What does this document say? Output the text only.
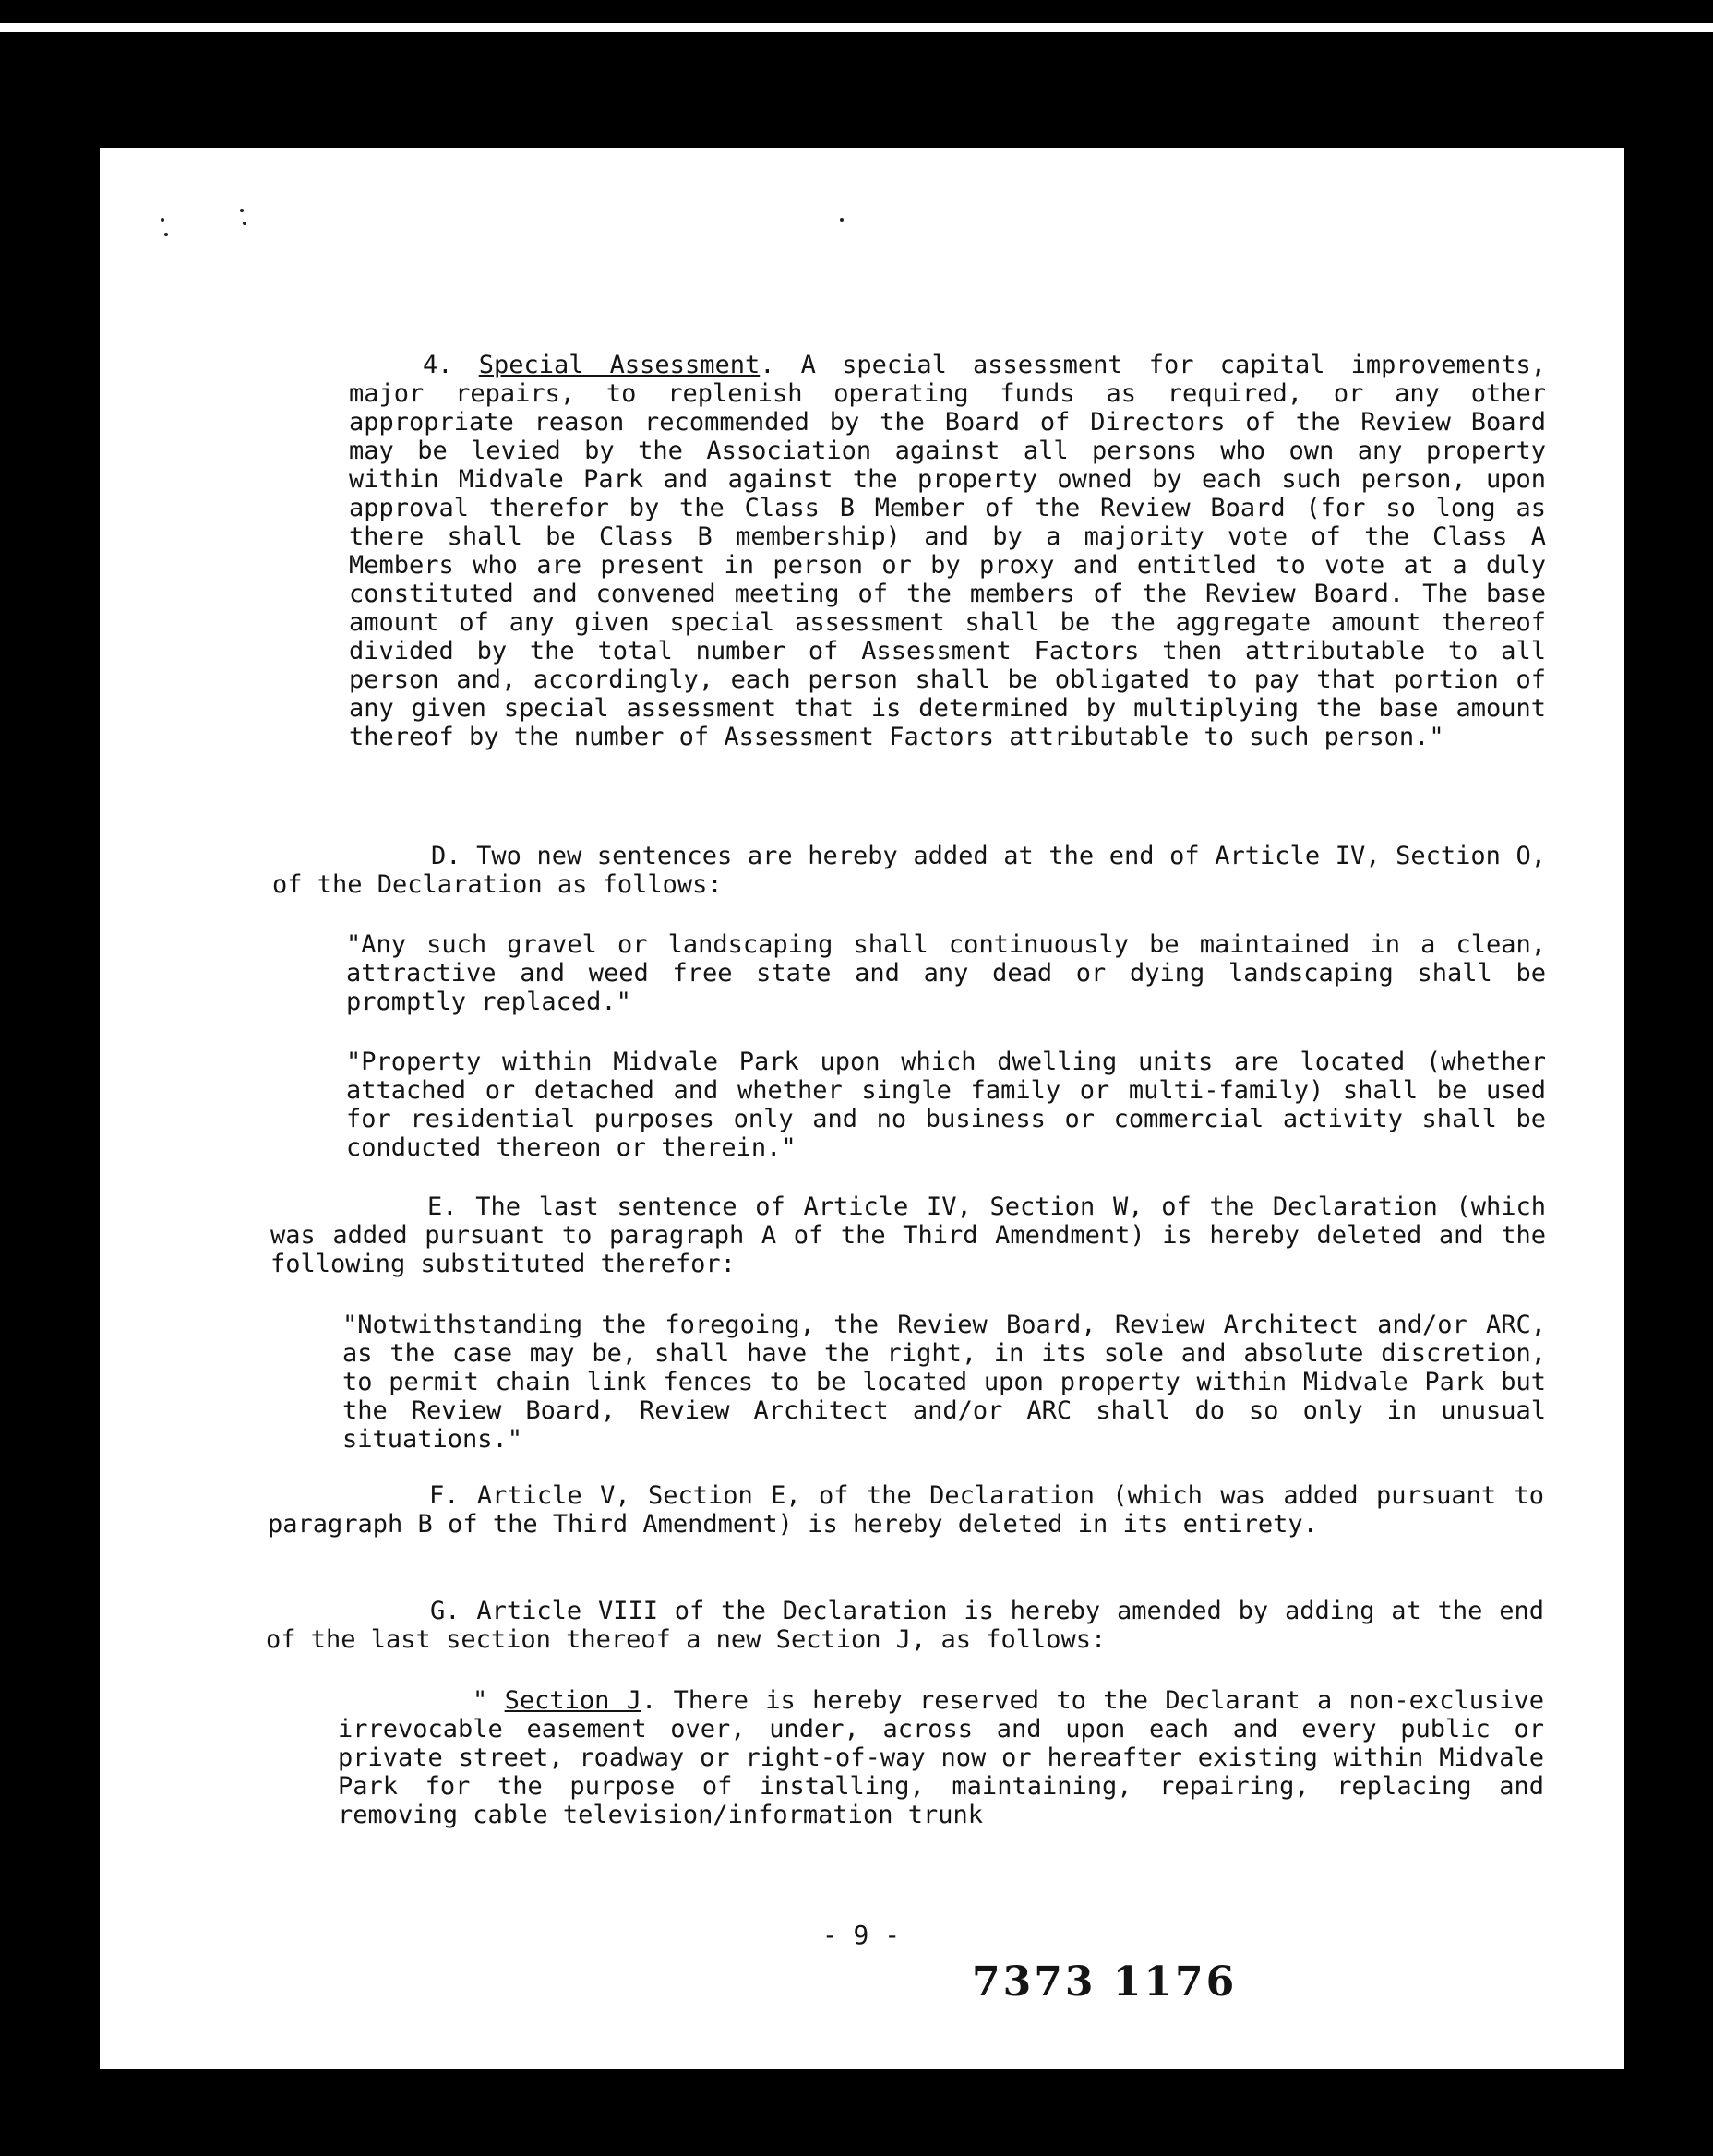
4. Special Assessment. A special assessment for capital improvements, major repairs, to replenish operating funds as required, or any other appropriate reason recommended by the Board of Directors of the Review Board may be levied by the Association against all persons who own any property within Midvale Park and against the property owned by each such person, upon approval therefor by the Class B Member of the Review Board (for so long as there shall be Class B membership) and by a majority vote of the Class A Members who are present in person or by proxy and entitled to vote at a duly constituted and convened meeting of the members of the Review Board. The base amount of any given special assessment shall be the aggregate amount thereof divided by the total number of Assessment Factors then attributable to all person and, accordingly, each person shall be obligated to pay that portion of any given special assessment that is determined by multiplying the base amount thereof by the number of Assessment Factors attributable to such person."

D. Two new sentences are hereby added at the end of Article IV, Section O, of the Declaration as follows:

"Any such gravel or landscaping shall continuously be maintained in a clean, attractive and weed free state and any dead or dying landscaping shall be promptly replaced."

"Property within Midvale Park upon which dwelling units are located (whether attached or detached and whether single family or multi-family) shall be used for residential purposes only and no business or commercial activity shall be conducted thereon or therein."

E. The last sentence of Article IV, Section W, of the Declaration (which was added pursuant to paragraph A of the Third Amendment) is hereby deleted and the following substituted therefor:

"Notwithstanding the foregoing, the Review Board, Review Architect and/or ARC, as the case may be, shall have the right, in its sole and absolute discretion, to permit chain link fences to be located upon property within Midvale Park but the Review Board, Review Architect and/or ARC shall do so only in unusual situations."

F. Article V, Section E, of the Declaration (which was added pursuant to paragraph B of the Third Amendment) is hereby deleted in its entirety.

G. Article VIII of the Declaration is hereby amended by adding at the end of the last section thereof a new Section J, as follows:

" Section J. There is hereby reserved to the Declarant a non-exclusive irrevocable easement over, under, across and upon each and every public or private street, roadway or right-of-way now or hereafter existing within Midvale Park for the purpose of installing, maintaining, repairing, replacing and removing cable television/information trunk

- 9 -
7373 1176
